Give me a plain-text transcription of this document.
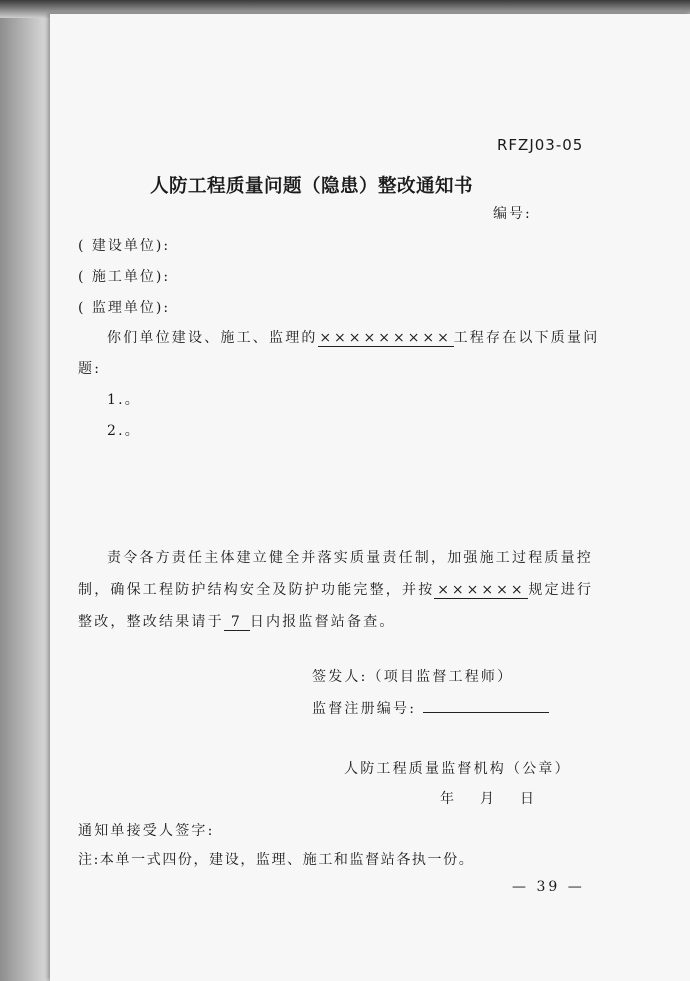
RFZJ03-05
人防工程质量问题（隐患）整改通知书
编号:
( 建设单位):
( 施工单位):
( 监理单位):
你们单位建设、施工、监理的 ××××××××× 工程存在以下质量问
题:
1.。
2.。
责令各方责任主体建立健全并落实质量责任制，加强施工过程质量控
制，确保工程防护结构安全及防护功能完整，并按 ×××××× 规定进行
整改，整改结果请于 7 日内报监督站备查。
签发人:（项目监督工程师）
监督注册编号:
人防工程质量监督机构（公章）
年　月　日
通知单接受人签字:
注:本单一式四份，建设，监理、施工和监督站各执一份。
— 39 —
